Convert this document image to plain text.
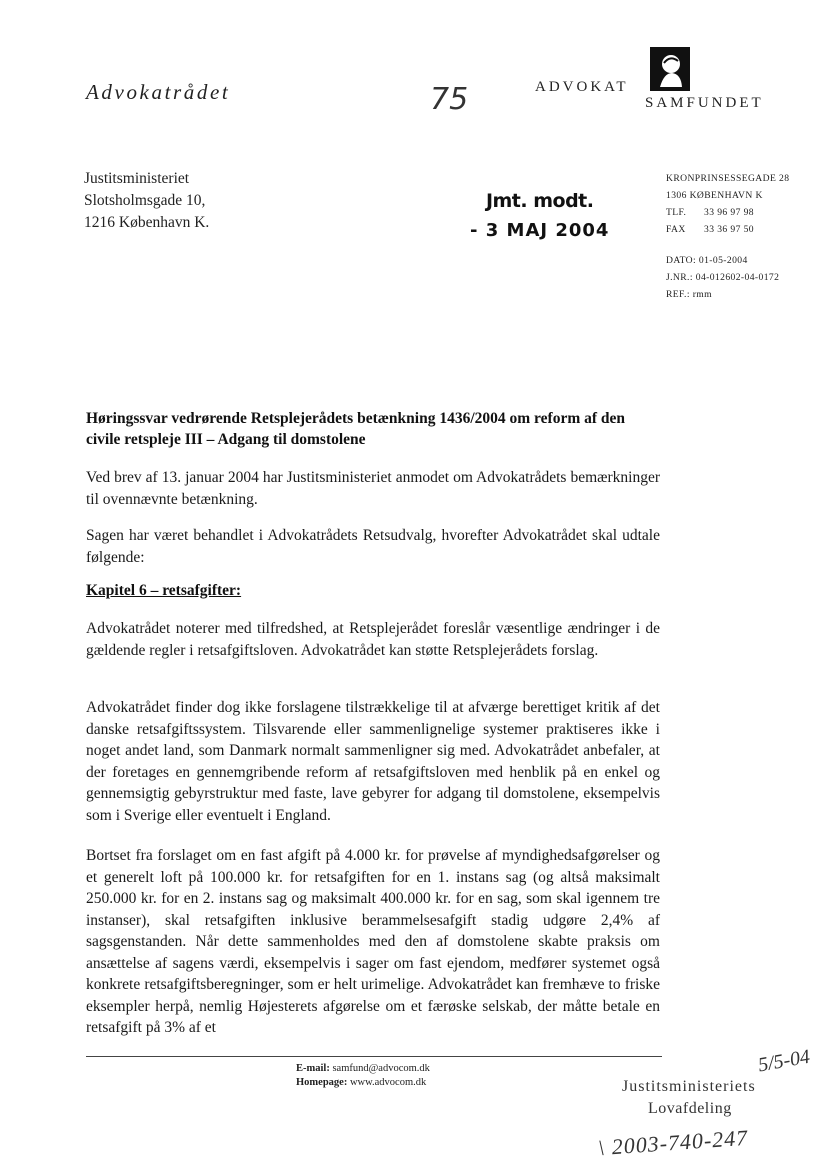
Advokatrådet	75	ADVOKAT
SAMFUNDET
Justitsministeriet
Slotsholmsgade 10,
1216 København K.
Jmt. modt.
- 3 MAJ 2004
KRONPRINSESSEGADE 28
1306 KØBENHAVN K
TLF. 33 96 97 98
FAX 33 36 97 50
DATO: 01-05-2004
J.NR.: 04-012602-04-0172
REF.: rmm
Høringssvar vedrørende Retsplejerådets betænkning 1436/2004 om reform af den civile retspleje III – Adgang til domstolene
Ved brev af 13. januar 2004 har Justitsministeriet anmodet om Advokatrådets bemærkninger til ovennævnte betænkning.
Sagen har været behandlet i Advokatrådets Retsudvalg, hvorefter Advokatrådet skal udtale følgende:
Kapitel 6 – retsafgifter:
Advokatrådet noterer med tilfredshed, at Retsplejerådet foreslår væsentlige ændringer i de gældende regler i retsafgiftsloven. Advokatrådet kan støtte Retsplejerådets forslag.
Advokatrådet finder dog ikke forslagene tilstrækkelige til at afværge berettiget kritik af det danske retsafgiftssystem. Tilsvarende eller sammenlignelige systemer praktiseres ikke i noget andet land, som Danmark normalt sammenligner sig med. Advokatrådet anbefaler, at der foretages en gennemgribende reform af retsafgiftsloven med henblik på en enkel og gennemsigtig gebyrstruktur med faste, lave gebyrer for adgang til domstolene, eksempelvis som i Sverige eller eventuelt i England.
Bortset fra forslaget om en fast afgift på 4.000 kr. for prøvelse af myndighedsafgørelser og et generelt loft på 100.000 kr. for retsafgiften for en 1. instans sag (og altså maksimalt 250.000 kr. for en 2. instans sag og maksimalt 400.000 kr. for en sag, som skal igennem tre instanser), skal retsafgiften inklusive berammelsesafgift stadig udgøre 2,4% af sagsgenstanden. Når dette sammenholdes med den af domstolene skabte praksis om ansættelse af sagens værdi, eksempelvis i sager om fast ejendom, medfører systemet også konkrete retsafgiftsberegninger, som er helt urimelige. Advokatrådet kan fremhæve to friske eksempler herpå, nemlig Højesterets afgørelse om et færøske selskab, der måtte betale en retsafgift på 3% af et
E-mail: samfund@advocom.dk
Homepage: www.advocom.dk
5/5-04
Justitsministeriets
Lovafdeling
\ 2003-740-247
